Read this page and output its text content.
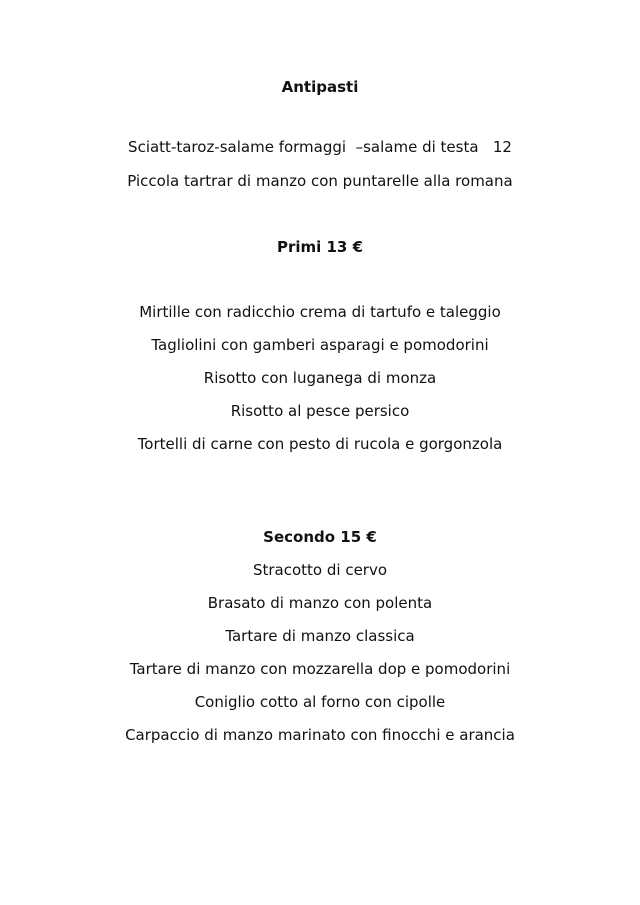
Antipasti
Sciatt-taroz-salame formaggi  –salame di testa   12
Piccola tartrar di manzo con puntarelle alla romana
Primi 13 €
Mirtille con radicchio crema di tartufo e taleggio
Tagliolini con gamberi asparagi e pomodorini
Risotto con luganega di monza
Risotto al pesce persico
Tortelli di carne con pesto di rucola e gorgonzola
Secondo 15 €
Stracotto di cervo
Brasato di manzo con polenta
Tartare di manzo classica
Tartare di manzo con mozzarella dop e pomodorini
Coniglio cotto al forno con cipolle
Carpaccio di manzo marinato con finocchi e arancia
